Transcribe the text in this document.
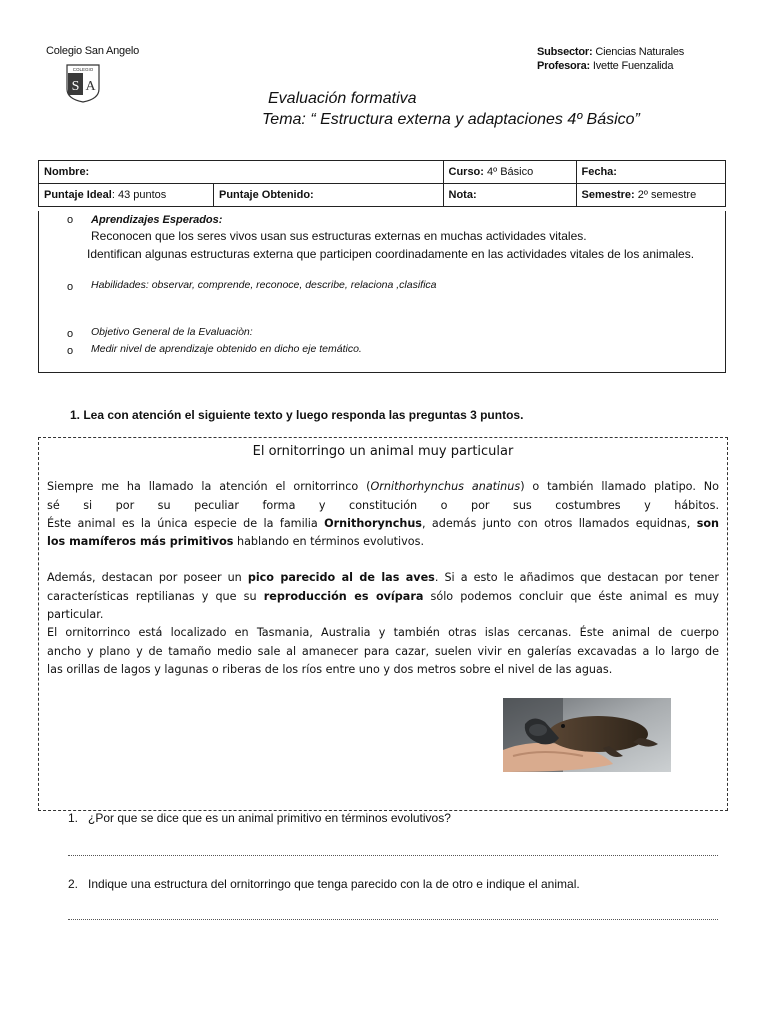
Colegio San Angelo
COLEGIO
S A
Subsector: Ciencias Naturales
Profesora: Ivette Fuenzalida
Evaluación formativa
Tema: “ Estructura externa y adaptaciones 4º Básico”
Nombre:		Curso: 4º Básico	Fecha:
Puntaje Ideal: 43 puntos	Puntaje Obtenido:	Nota:	Semestre: 2º semestre
o Aprendizajes Esperados:
Reconocen que los seres vivos usan sus estructuras externas en muchas actividades vitales.
Identifican algunas estructuras externa que participen coordinadamente en las actividades vitales de los animales.
o Habilidades: observar, comprende, reconoce, describe, relaciona ,clasifica
o Objetivo General de la Evaluaciòn:
o Medir nivel de aprendizaje obtenido en dicho eje temático.
1. Lea con atención el siguiente texto y luego responda las preguntas 3 puntos.
El ornitorringo un animal muy particular
Siempre me ha llamado la atención el ornitorrinco (Ornithorhynchus anatinus) o también llamado platipo. No
sé si por su peculiar forma y constitución o por sus costumbres y hábitos.
Éste animal es la única especie de la familia Ornithorynchus, además junto con otros llamados equidnas, son
los mamíferos más primitivos hablando en términos evolutivos.
Además, destacan por poseer un pico parecido al de las aves. Si a esto le añadimos que destacan por tener
características reptilianas y que su reproducción es ovípara sólo podemos concluir que éste animal es muy
particular.
El ornitorrinco está localizado en Tasmania, Australia y también otras islas cercanas. Éste animal de cuerpo
ancho y plano y de tamaño medio sale al amanecer para cazar, suelen vivir en galerías excavadas a lo largo de
las orillas de lagos y lagunas o riberas de los ríos entre uno y dos metros sobre el nivel de las aguas.
1. ¿Por que se dice que es un animal primitivo en términos evolutivos?
2. Indique una estructura del ornitorringo que tenga parecido con la de otro e indique el animal.
